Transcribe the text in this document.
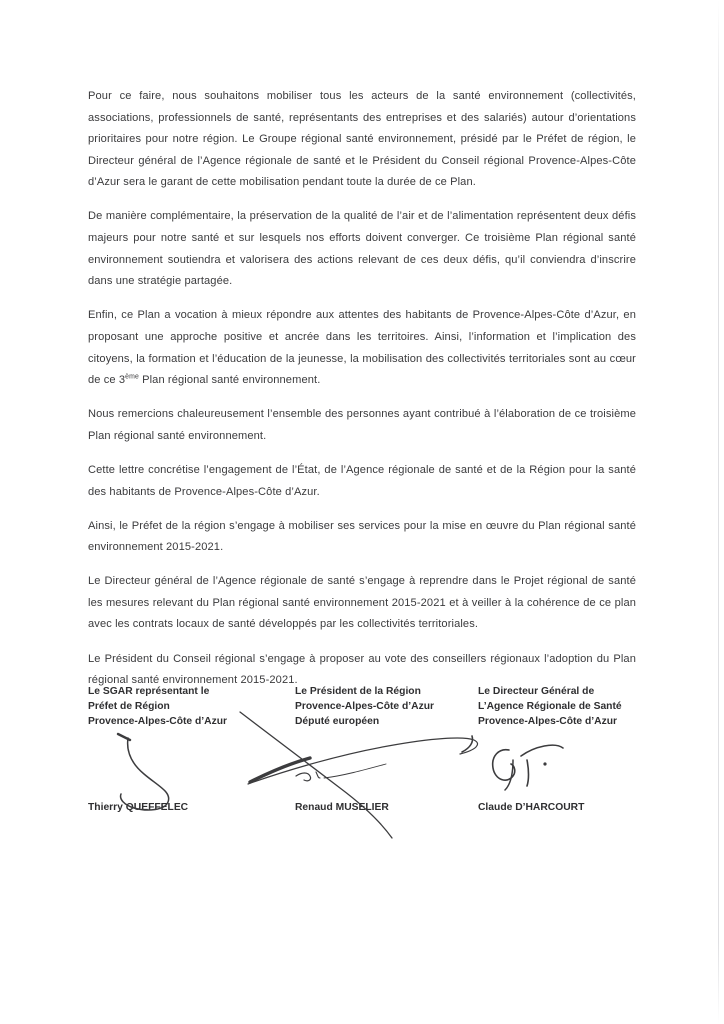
Pour ce faire, nous souhaitons mobiliser tous les acteurs de la santé environnement (collectivités, associations, professionnels de santé, représentants des entreprises et des salariés) autour d’orientations prioritaires pour notre région. Le Groupe régional santé environnement, présidé par le Préfet de région, le Directeur général de l’Agence régionale de santé et le Président du Conseil régional Provence-Alpes-Côte d’Azur sera le garant de cette mobilisation pendant toute la durée de ce Plan.

De manière complémentaire, la préservation de la qualité de l’air et de l’alimentation représentent deux défis majeurs pour notre santé et sur lesquels nos efforts doivent converger. Ce troisième Plan régional santé environnement soutiendra et valorisera des actions relevant de ces deux défis, qu’il conviendra d’inscrire dans une stratégie partagée.

Enfin, ce Plan a vocation à mieux répondre aux attentes des habitants de Provence-Alpes-Côte d’Azur, en proposant une approche positive et ancrée dans les territoires. Ainsi, l’information et l’implication des citoyens, la formation et l’éducation de la jeunesse, la mobilisation des collectivités territoriales sont au cœur de ce 3ème Plan régional santé environnement.

Nous remercions chaleureusement l’ensemble des personnes ayant contribué à l’élaboration de ce troisième Plan régional santé environnement.

Cette lettre concrétise l’engagement de l’État, de l’Agence régionale de santé et de la Région pour la santé des habitants de Provence-Alpes-Côte d’Azur.

Ainsi, le Préfet de la région s’engage à mobiliser ses services pour la mise en œuvre du Plan régional santé environnement 2015-2021.

Le Directeur général de l’Agence régionale de santé s’engage à reprendre dans le Projet régional de santé les mesures relevant du Plan régional santé environnement 2015-2021 et à veiller à la cohérence de ce plan avec les contrats locaux de santé développés par les collectivités territoriales.

Le Président du Conseil régional s’engage à proposer au vote des conseillers régionaux l’adoption du Plan régional santé environnement 2015-2021.

Le SGAR représentant le
Préfet de Région
Provence-Alpes-Côte d’Azur
Thierry QUEFFELEC
Le Président de la Région
Provence-Alpes-Côte d’Azur
Député européen
Renaud MUSELIER
Le Directeur Général de
L’Agence Régionale de Santé
Provence-Alpes-Côte d’Azur
Claude D’HARCOURT
